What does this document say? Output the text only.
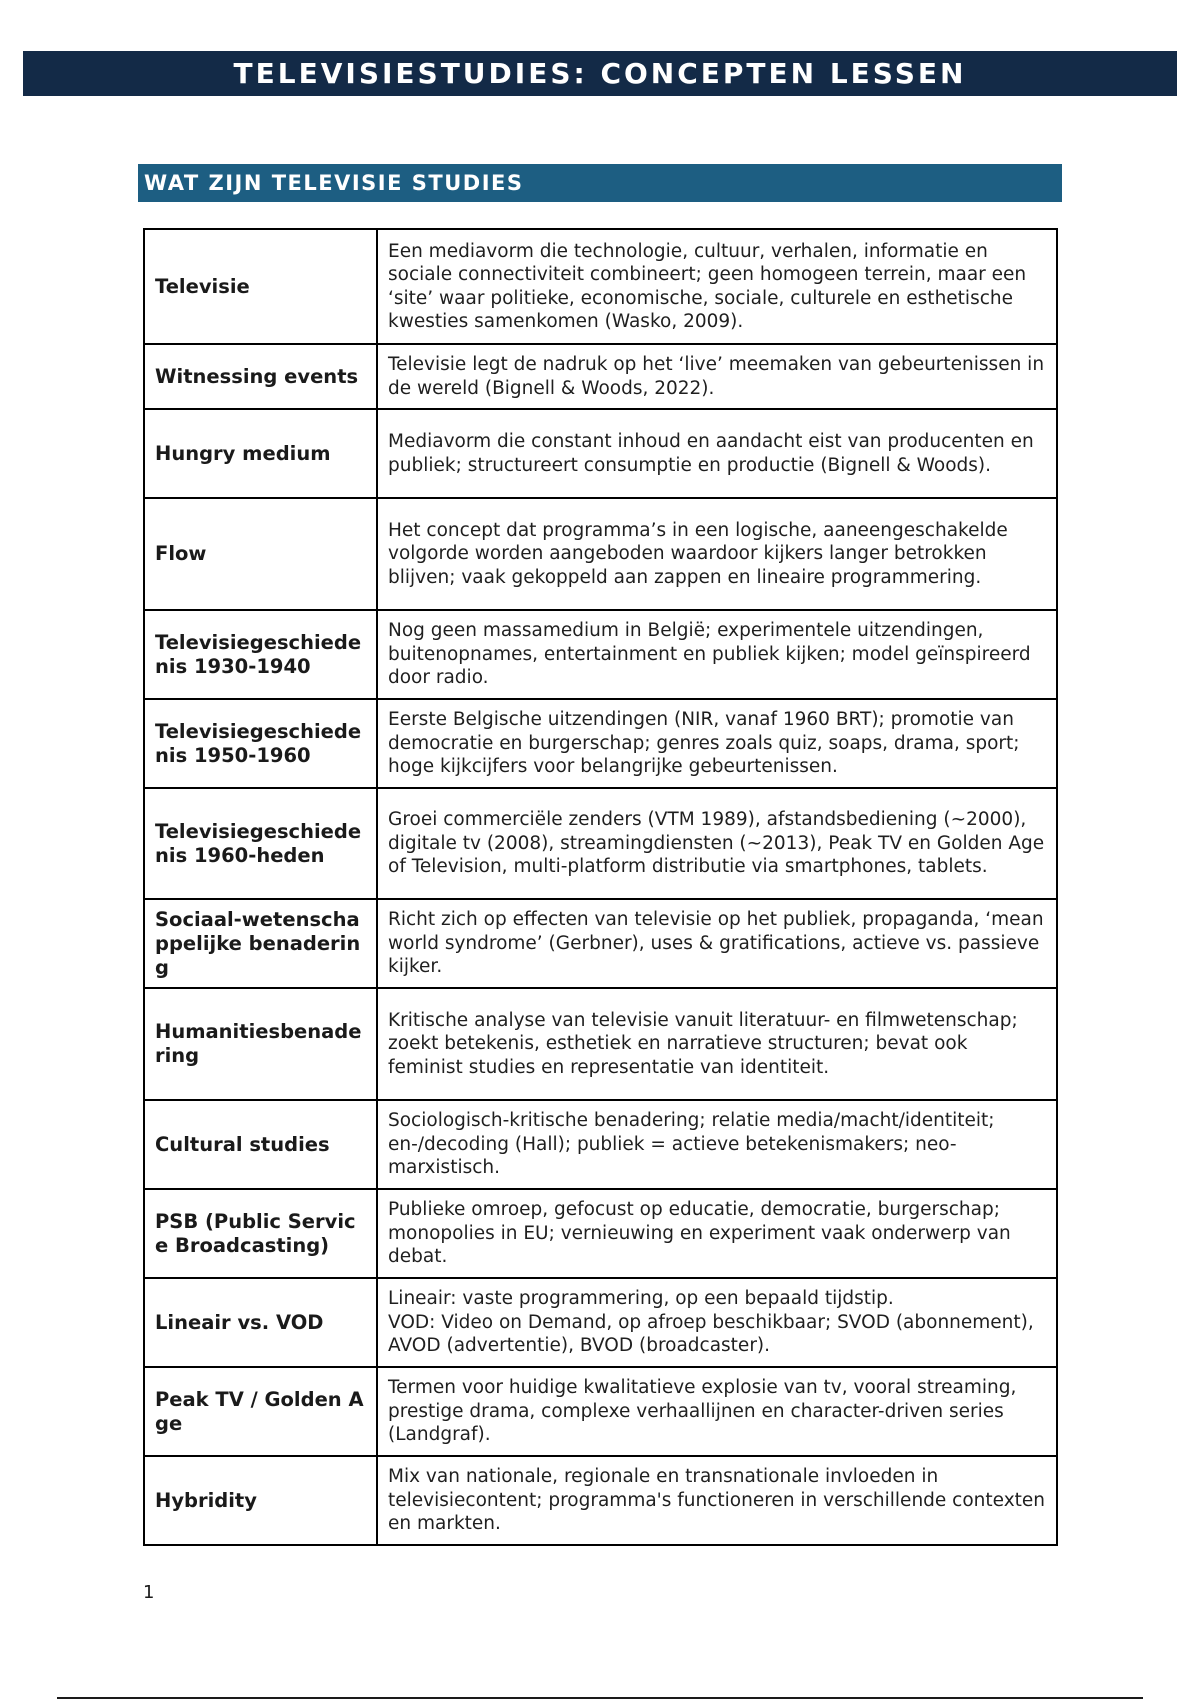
TELEVISIESTUDIES: CONCEPTEN LESSEN
WAT ZIJN TELEVISIE STUDIES
Televisie	Een mediavorm die technologie, cultuur, verhalen, informatie en sociale connectiviteit combineert; geen homogeen terrein, maar een ‘site’ waar politieke, economische, sociale, culturele en esthetische kwesties samenkomen (Wasko, 2009).
Witnessing events	Televisie legt de nadruk op het ‘live’ meemaken van gebeurtenissen in de wereld (Bignell & Woods, 2022).
Hungry medium	Mediavorm die constant inhoud en aandacht eist van producenten en publiek; structureert consumptie en productie (Bignell & Woods).
Flow	Het concept dat programma’s in een logische, aaneengeschakelde volgorde worden aangeboden waardoor kijkers langer betrokken blijven; vaak gekoppeld aan zappen en lineaire programmering.
Televisiegeschiedenis 1930-1940	Nog geen massamedium in België; experimentele uitzendingen, buitenopnames, entertainment en publiek kijken; model geïnspireerd door radio.
Televisiegeschiedenis 1950-1960	Eerste Belgische uitzendingen (NIR, vanaf 1960 BRT); promotie van democratie en burgerschap; genres zoals quiz, soaps, drama, sport; hoge kijkcijfers voor belangrijke gebeurtenissen.
Televisiegeschiedenis 1960-heden	Groei commerciële zenders (VTM 1989), afstandsbediening (~2000), digitale tv (2008), streamingdiensten (~2013), Peak TV en Golden Age of Television, multi-platform distributie via smartphones, tablets.
Sociaal-wetenschappelijke benadering	Richt zich op effecten van televisie op het publiek, propaganda, ‘mean world syndrome’ (Gerbner), uses & gratifications, actieve vs. passieve kijker.
Humanitiesbenadering	Kritische analyse van televisie vanuit literatuur- en filmwetenschap; zoekt betekenis, esthetiek en narratieve structuren; bevat ook feminist studies en representatie van identiteit.
Cultural studies	Sociologisch-kritische benadering; relatie media/macht/identiteit; en-/decoding (Hall); publiek = actieve betekenismakers; neo-marxistisch.
PSB (Public Service Broadcasting)	Publieke omroep, gefocust op educatie, democratie, burgerschap; monopolies in EU; vernieuwing en experiment vaak onderwerp van debat.
Lineair vs. VOD	Lineair: vaste programmering, op een bepaald tijdstip.
VOD: Video on Demand, op afroep beschikbaar; SVOD (abonnement), AVOD (advertentie), BVOD (broadcaster).
Peak TV / Golden Age	Termen voor huidige kwalitatieve explosie van tv, vooral streaming, prestige drama, complexe verhaallijnen en character-driven series (Landgraf).
Hybridity	Mix van nationale, regionale en transnationale invloeden in televisiecontent; programma's functioneren in verschillende contexten en markten.
1
